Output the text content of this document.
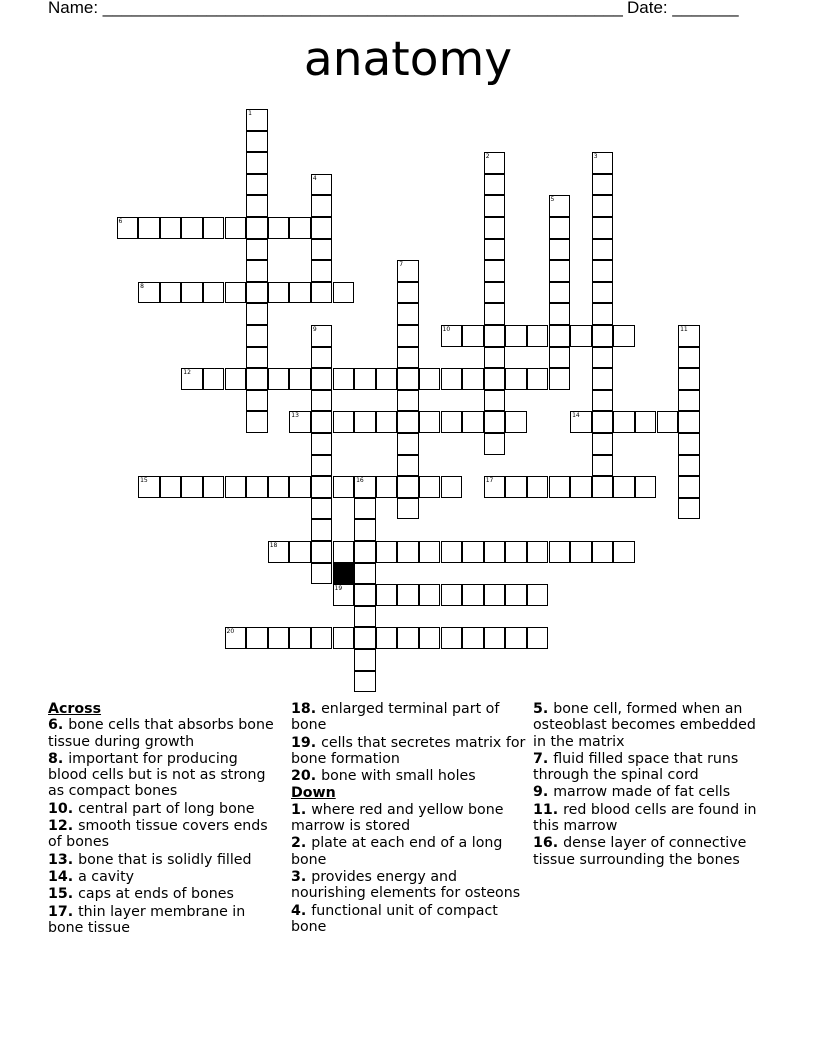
Name: _______________________________________________________ Date: _______
anatomy
6
8
10
12
13	14
15	16	17
18
19
20
1
2	3
4
5
7
9	11
Across
6. bone cells that absorbs bone tissue during growth
8. important for producing blood cells but is not as strong as compact bones
10. central part of long bone
12. smooth tissue covers ends of bones
13. bone that is solidly filled
14. a cavity
15. caps at ends of bones
17. thin layer membrane in bone tissue
18. enlarged terminal part of bone
19. cells that secretes matrix for bone formation
20. bone with small holes
Down
1. where red and yellow bone marrow is stored
2. plate at each end of a long bone
3. provides energy and nourishing elements for osteons
4. functional unit of compact bone
5. bone cell, formed when an osteoblast becomes embedded in the matrix
7. fluid filled space that runs through the spinal cord
9. marrow made of fat cells
11. red blood cells are found in this marrow
16. dense layer of connective tissue surrounding the bones
